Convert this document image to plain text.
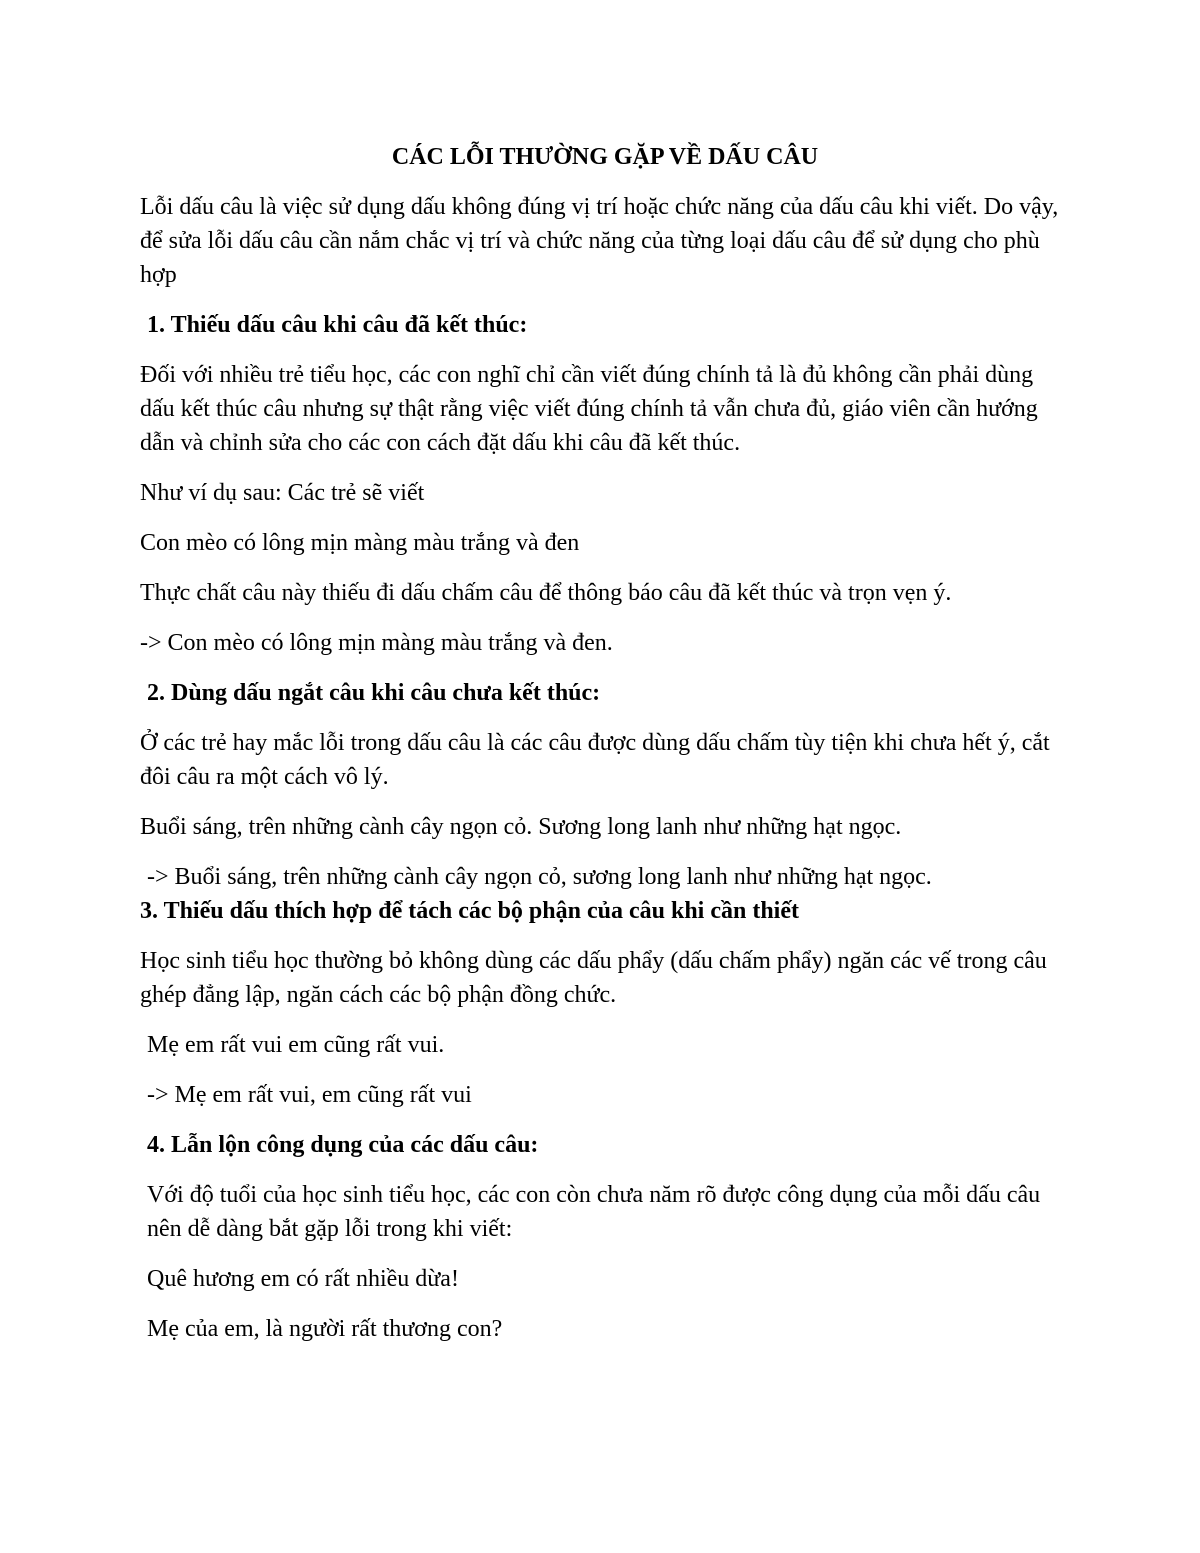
CÁC LỖI THƯỜNG GẶP VỀ DẤU CÂU

Lỗi dấu câu là việc sử dụng dấu không đúng vị trí hoặc chức năng của dấu câu khi viết. Do vậy, để sửa lỗi dấu câu cần nắm chắc vị trí và chức năng của từng loại dấu câu để sử dụng cho phù hợp

1. Thiếu dấu câu khi câu đã kết thúc:

Đối với nhiều trẻ tiểu học, các con nghĩ chỉ cần viết đúng chính tả là đủ không cần phải dùng dấu kết thúc câu nhưng sự thật rằng việc viết đúng chính tả vẫn chưa đủ, giáo viên cần hướng dẫn và chỉnh sửa cho các con cách đặt dấu khi câu đã kết thúc.

Như ví dụ sau: Các trẻ sẽ viết

Con mèo có lông mịn màng màu trắng và đen

Thực chất câu này thiếu đi dấu chấm câu để thông báo câu đã kết thúc và trọn vẹn ý.

-> Con mèo có lông mịn màng màu trắng và đen.

2. Dùng dấu ngắt câu khi câu chưa kết thúc:

Ở các trẻ hay mắc lỗi trong dấu câu là các câu được dùng dấu chấm tùy tiện khi chưa hết ý, cắt đôi câu ra một cách vô lý.

Buổi sáng, trên những cành cây ngọn cỏ. Sương long lanh như những hạt ngọc.

-> Buổi sáng, trên những cành cây ngọn cỏ, sương long lanh như những hạt ngọc.

3. Thiếu dấu thích hợp để tách các bộ phận của câu khi cần thiết

Học sinh tiểu học thường bỏ không dùng các dấu phẩy (dấu chấm phẩy) ngăn các vế trong câu ghép đẳng lập, ngăn cách các bộ phận đồng chức.

Mẹ em rất vui em cũng rất vui.

-> Mẹ em rất vui, em cũng rất vui

4. Lẫn lộn công dụng của các dấu câu:

Với độ tuổi của học sinh tiểu học, các con còn chưa năm rõ được công dụng của mỗi dấu câu nên dễ dàng bắt gặp lỗi trong khi viết:

Quê hương em có rất nhiều dừa!

Mẹ của em, là người rất thương con?
